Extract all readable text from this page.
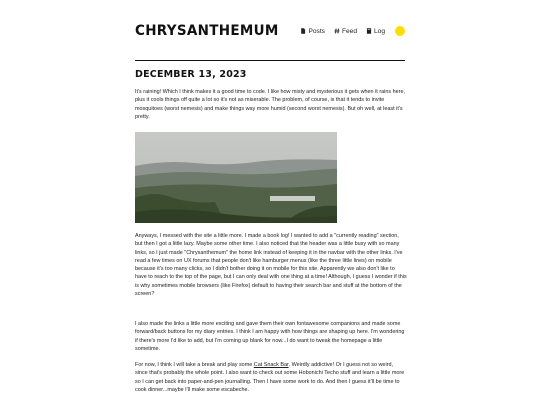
CHRYSANTHEMUM	Posts	Feed	Log
DECEMBER 13, 2023

It's raining! Which I think makes it a good time to code. I like how misty and mysterious it gets when it rains here, plus it cools things off quite a lot so it's not as miserable. The problem, of course, is that it tends to invite mosquitoes (worst nemesis) and make things way more humid (second worst nemesis). But oh well, at least it's pretty.

Anyways, I messed with the site a little more. I made a book log! I wanted to add a "currently reading" section, but then I got a little lazy. Maybe some other time. I also noticed that the header was a little busy with so many links, so I just made "Chrysanthemum" the home link instead of keeping it in the navbar with the other links. I've read a few times on UX forums that people don't like hamburger menus (like the three little lines) on mobile because it's too many clicks, so I didn't bother doing it on mobile for this site. Apparently we also don't like to have to reach to the top of the page, but I can only deal with one thing at a time! Although, I guess I wonder if this is why sometimes mobile browsers (like Firefox) default to having their search bar and stuff at the bottom of the screen?

I also made the links a little more exciting and gave them their own fontawesome companions and made some forward/back buttons for my diary entries. I think I am happy with how things are shaping up here. I'm wondering if there's more I'd like to add, but I'm coming up blank for now...I do want to tweak the homepage a little sometime.

For now, I think I will take a break and play some Cat Snack Bar. Weirdly addictive! Or I guess not so weird, since that's probably the whole point. I also want to check out some Hobonichi Techo stuff and learn a little more so I can get back into paper-and-pen journalling. Then I have some work to do. And then I guess it'll be time to cook dinner...maybe I'll make some escabeche.
